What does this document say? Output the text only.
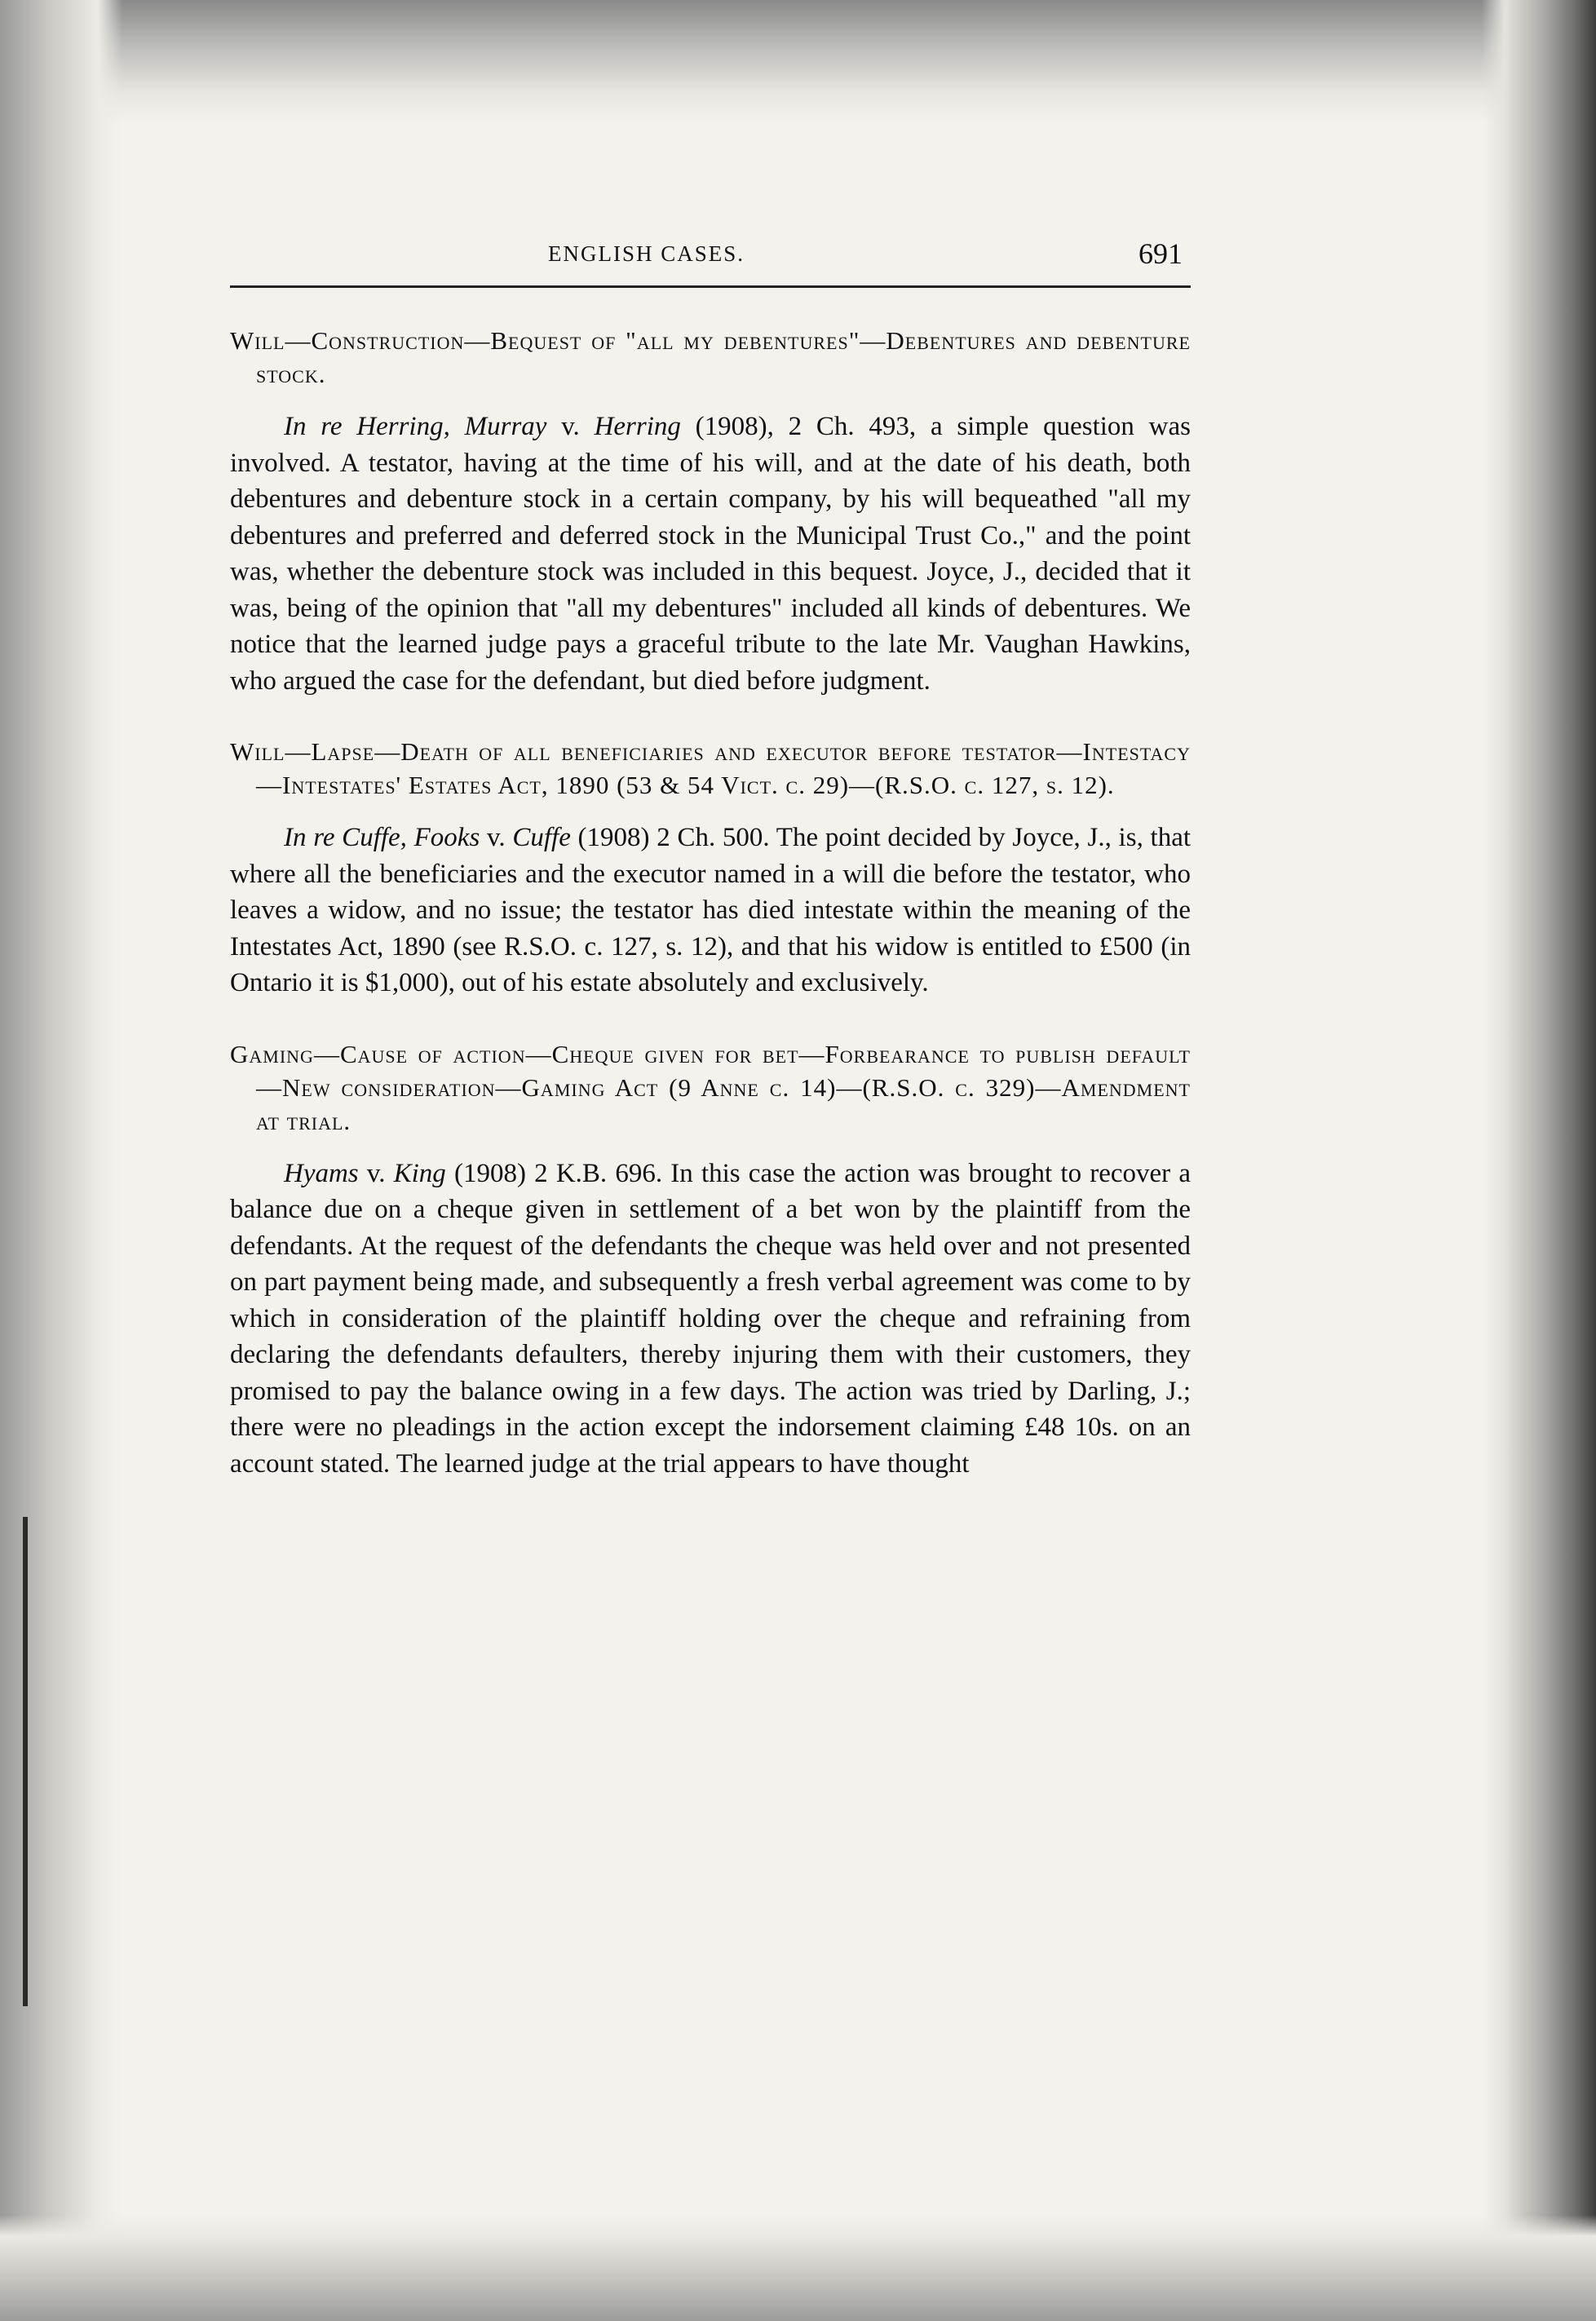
ENGLISH CASES.	691

Will—Construction—Bequest of "all my debentures"—Debentures and debenture stock.

In re Herring, Murray v. Herring (1908), 2 Ch. 493, a simple question was involved. A testator, having at the time of his will, and at the date of his death, both debentures and debenture stock in a certain company, by his will bequeathed "all my debentures and preferred and deferred stock in the Municipal Trust Co.," and the point was, whether the debenture stock was included in this bequest. Joyce, J., decided that it was, being of the opinion that "all my debentures" included all kinds of debentures. We notice that the learned judge pays a graceful tribute to the late Mr. Vaughan Hawkins, who argued the case for the defendant, but died before judgment.

Will—Lapse—Death of all beneficiaries and executor before testator—Intestacy—Intestates' Estates Act, 1890 (53 & 54 Vict. c. 29)—(R.S.O. c. 127, s. 12).

In re Cuffe, Fooks v. Cuffe (1908) 2 Ch. 500. The point decided by Joyce, J., is, that where all the beneficiaries and the executor named in a will die before the testator, who leaves a widow, and no issue; the testator has died intestate within the meaning of the Intestates Act, 1890 (see R.S.O. c. 127, s. 12), and that his widow is entitled to £500 (in Ontario it is $1,000), out of his estate absolutely and exclusively.

Gaming—Cause of action—Cheque given for bet—Forbearance to publish default—New consideration—Gaming Act (9 Anne c. 14)—(R.S.O. c. 329)—Amendment at trial.

Hyams v. King (1908) 2 K.B. 696. In this case the action was brought to recover a balance due on a cheque given in settlement of a bet won by the plaintiff from the defendants. At the request of the defendants the cheque was held over and not presented on part payment being made, and subsequently a fresh verbal agreement was come to by which in consideration of the plaintiff holding over the cheque and refraining from declaring the defendants defaulters, thereby injuring them with their customers, they promised to pay the balance owing in a few days. The action was tried by Darling, J.; there were no pleadings in the action except the indorsement claiming £48 10s. on an account stated. The learned judge at the trial appears to have thought
